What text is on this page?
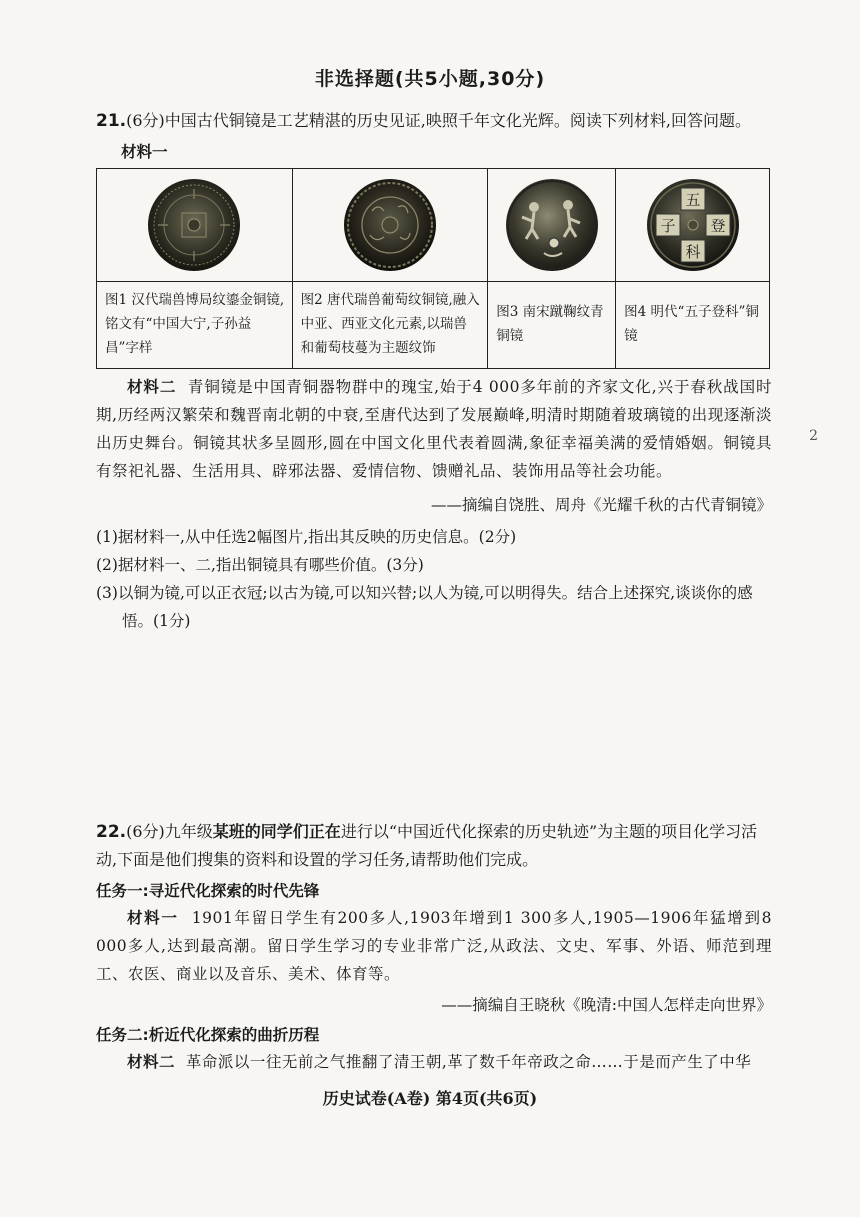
非选择题(共5小题,30分)
21.(6分)中国古代铜镜是工艺精湛的历史见证,映照千年文化光辉。阅读下列材料,回答问题。
材料一

五
子 登
科

图1 汉代瑞兽博局纹鎏金铜镜,铭文有“中国大宁,子孙益昌”字样	图2 唐代瑞兽葡萄纹铜镜,融入中亚、西亚文化元素,以瑞兽和葡萄枝蔓为主题纹饰	图3 南宋蹴鞠纹青铜镜	图4 明代“五子登科”铜镜
材料二 青铜镜是中国青铜器物群中的瑰宝,始于4 000多年前的齐家文化,兴于春秋战国时期,历经两汉繁荣和魏晋南北朝的中衰,至唐代达到了发展巅峰,明清时期随着玻璃镜的出现逐渐淡出历史舞台。铜镜其状多呈圆形,圆在中国文化里代表着圆满,象征幸福美满的爱情婚姻。铜镜具有祭祀礼器、生活用具、辟邪法器、爱情信物、馈赠礼品、装饰用品等社会功能。
——摘编自饶胜、周舟《光耀千秋的古代青铜镜》
2
(1)据材料一,从中任选2幅图片,指出其反映的历史信息。(2分)
(2)据材料一、二,指出铜镜具有哪些价值。(3分)
(3)以铜为镜,可以正衣冠;以古为镜,可以知兴替;以人为镜,可以明得失。结合上述探究,谈谈你的感悟。(1分)
22.(6分)九年级某班的同学们正在进行以“中国近代化探索的历史轨迹”为主题的项目化学习活动,下面是他们搜集的资料和设置的学习任务,请帮助他们完成。
任务一:寻近代化探索的时代先锋
材料一 1901年留日学生有200多人,1903年增到1 300多人,1905—1906年猛增到8 000多人,达到最高潮。留日学生学习的专业非常广泛,从政法、文史、军事、外语、师范到理工、农医、商业以及音乐、美术、体育等。
——摘编自王晓秋《晚清:中国人怎样走向世界》
任务二:析近代化探索的曲折历程
材料二 革命派以一往无前之气推翻了清王朝,革了数千年帝政之命……于是而产生了中华
历史试卷(A卷) 第4页(共6页)
